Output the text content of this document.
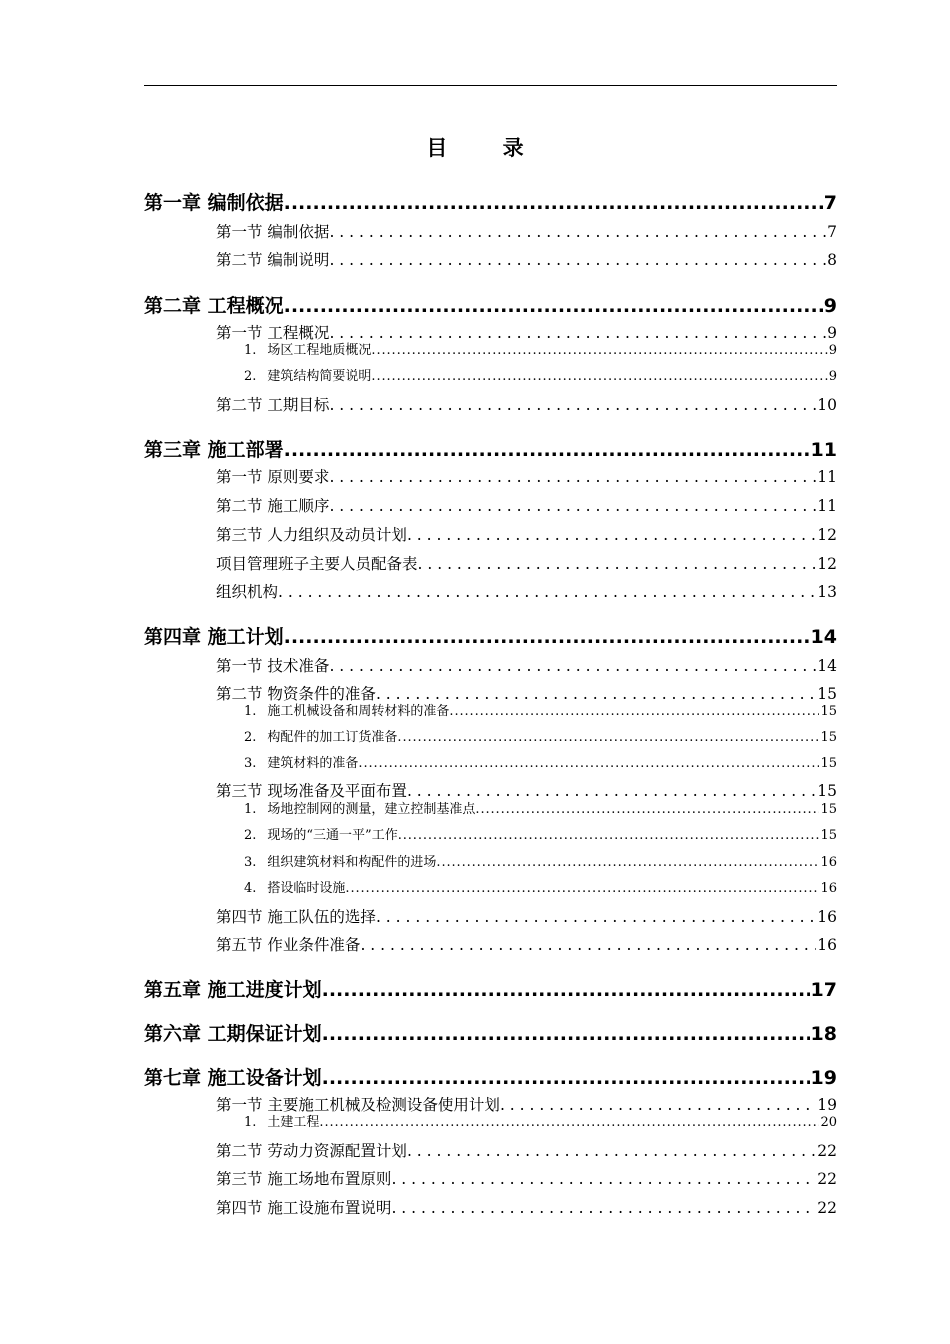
目 录
第一章 编制依据 .....	7
第一节 编制依据 . . .	7
第二节 编制说明 . . .	8
第二章 工程概况 .....	9
第一节 工程概况 . . .	9
1. 场区工程地质概况 .....	9
2. 建筑结构简要说明 .....	9
第二节 工期目标 . . .	10
第三章 施工部署 .....	11
第一节 原则要求 . . .	11
第二节 施工顺序 . . .	11
第三节 人力组织及动员计划 . . .	12
项目管理班子主要人员配备表 . . .	12
组织机构 . . .	13
第四章 施工计划 .....	14
第一节 技术准备 . . .	14
第二节 物资条件的准备 . . .	15
1. 施工机械设备和周转材料的准备 .....	15
2. 构配件的加工订货准备 .....	15
3. 建筑材料的准备 .....	15
第三节 现场准备及平面布置 . . .	15
1. 场地控制网的测量，建立控制基准点 .....	15
2. 现场的“三通一平”工作 .....	15
3. 组织建筑材料和构配件的进场 .....	16
4. 搭设临时设施 .....	16
第四节 施工队伍的选择 . . .	16
第五节 作业条件准备 . . .	16
第五章 施工进度计划 .....	17
第六章 工期保证计划 .....	18
第七章 施工设备计划 .....	19
第一节 主要施工机械及检测设备使用计划 . . .	19
1. 土建工程 .....	20
第二节 劳动力资源配置计划 . . .	22
第三节 施工场地布置原则 . . .	22
第四节 施工设施布置说明 . . .	22
